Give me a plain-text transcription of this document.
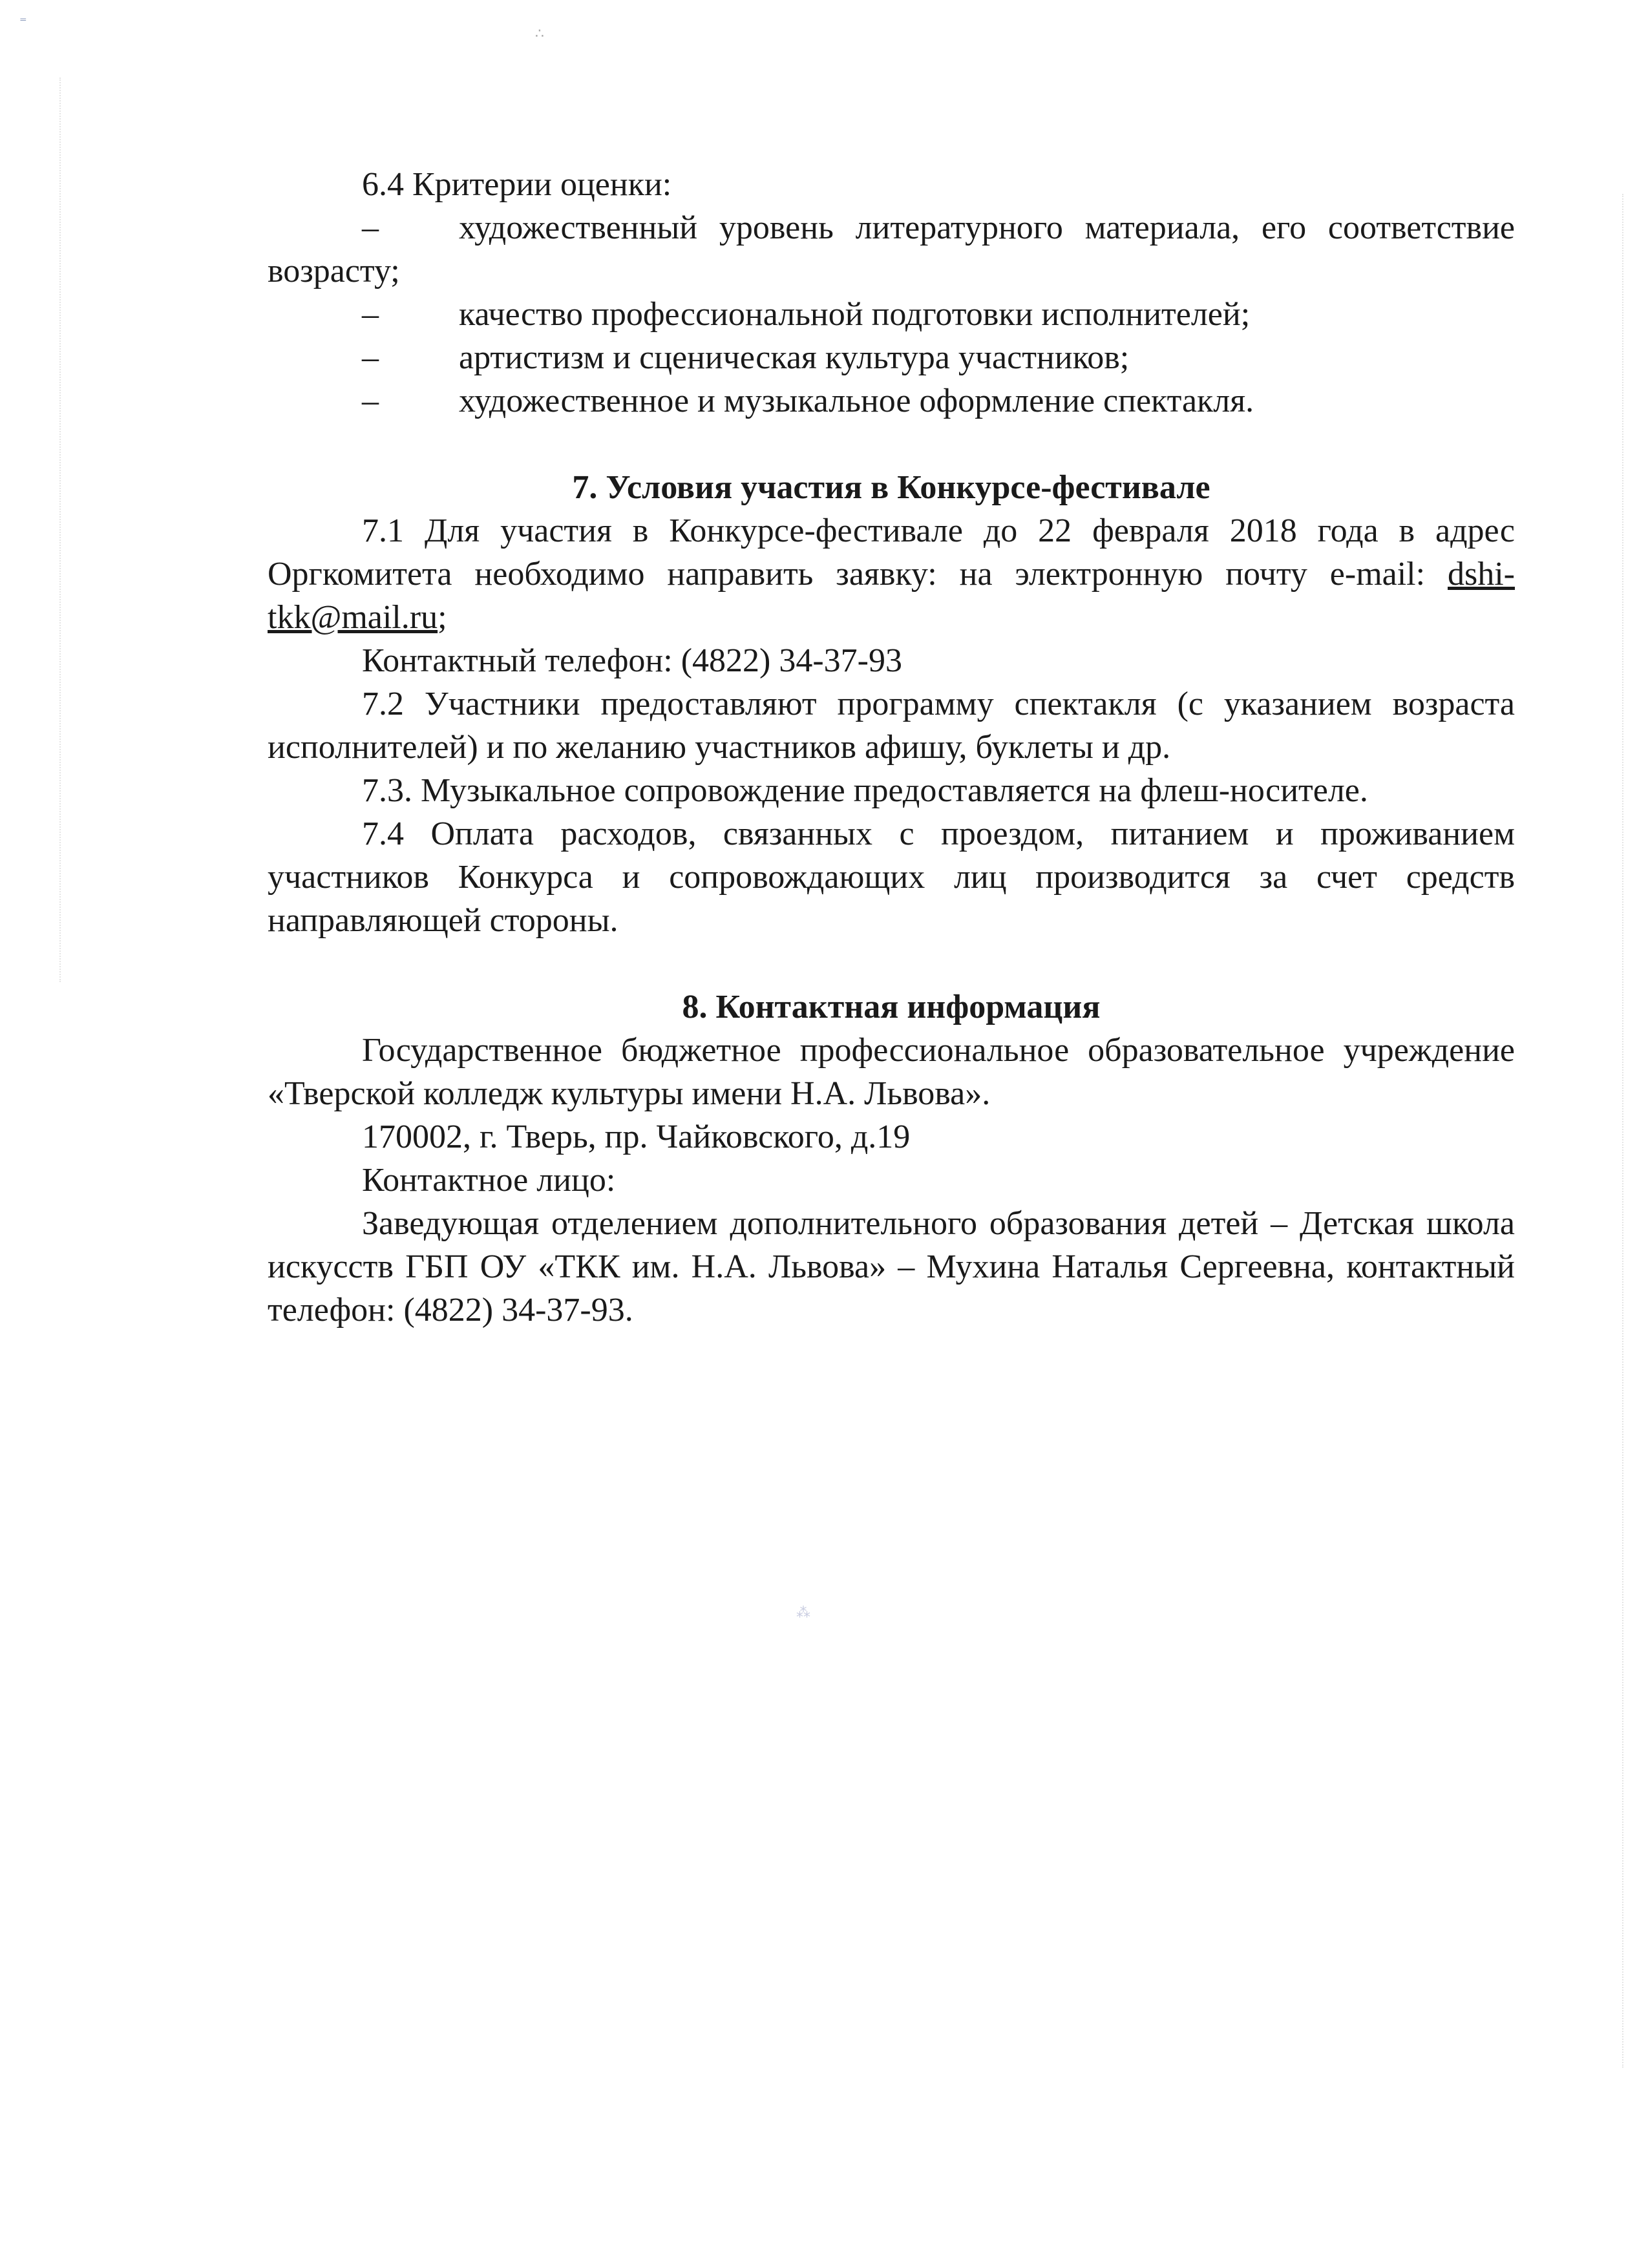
⁼
∴
⁂

6.4 Критерии оценки:

– художественный уровень литературного материала, его соответствие возрасту;

– качество профессиональной подготовки исполнителей;

– артистизм и сценическая культура участников;

– художественное и музыкальное оформление спектакля.

7. Условия участия в Конкурсе-фестивале

7.1 Для участия в Конкурсе-фестивале до 22 февраля 2018 года в адрес Оргкомитета необходимо направить заявку: на электронную почту e-mail: dshi-tkk@mail.ru;

Контактный телефон: (4822) 34-37-93

7.2 Участники предоставляют программу спектакля (с указанием возраста исполнителей) и по желанию участников афишу, буклеты и др.

7.3. Музыкальное сопровождение предоставляется на флеш-носителе.

7.4 Оплата расходов, связанных с проездом, питанием и проживанием участников Конкурса и сопровождающих лиц производится за счет средств направляющей стороны.

8. Контактная информация

Государственное бюджетное профессиональное образовательное учреждение «Тверской колледж культуры имени Н.А. Львова».

170002, г. Тверь, пр. Чайковского, д.19

Контактное лицо:

Заведующая отделением дополнительного образования детей – Детская школа искусств ГБП ОУ «ТКК им. Н.А. Львова» – Мухина Наталья Сергеевна, контактный телефон: (4822) 34-37-93.
